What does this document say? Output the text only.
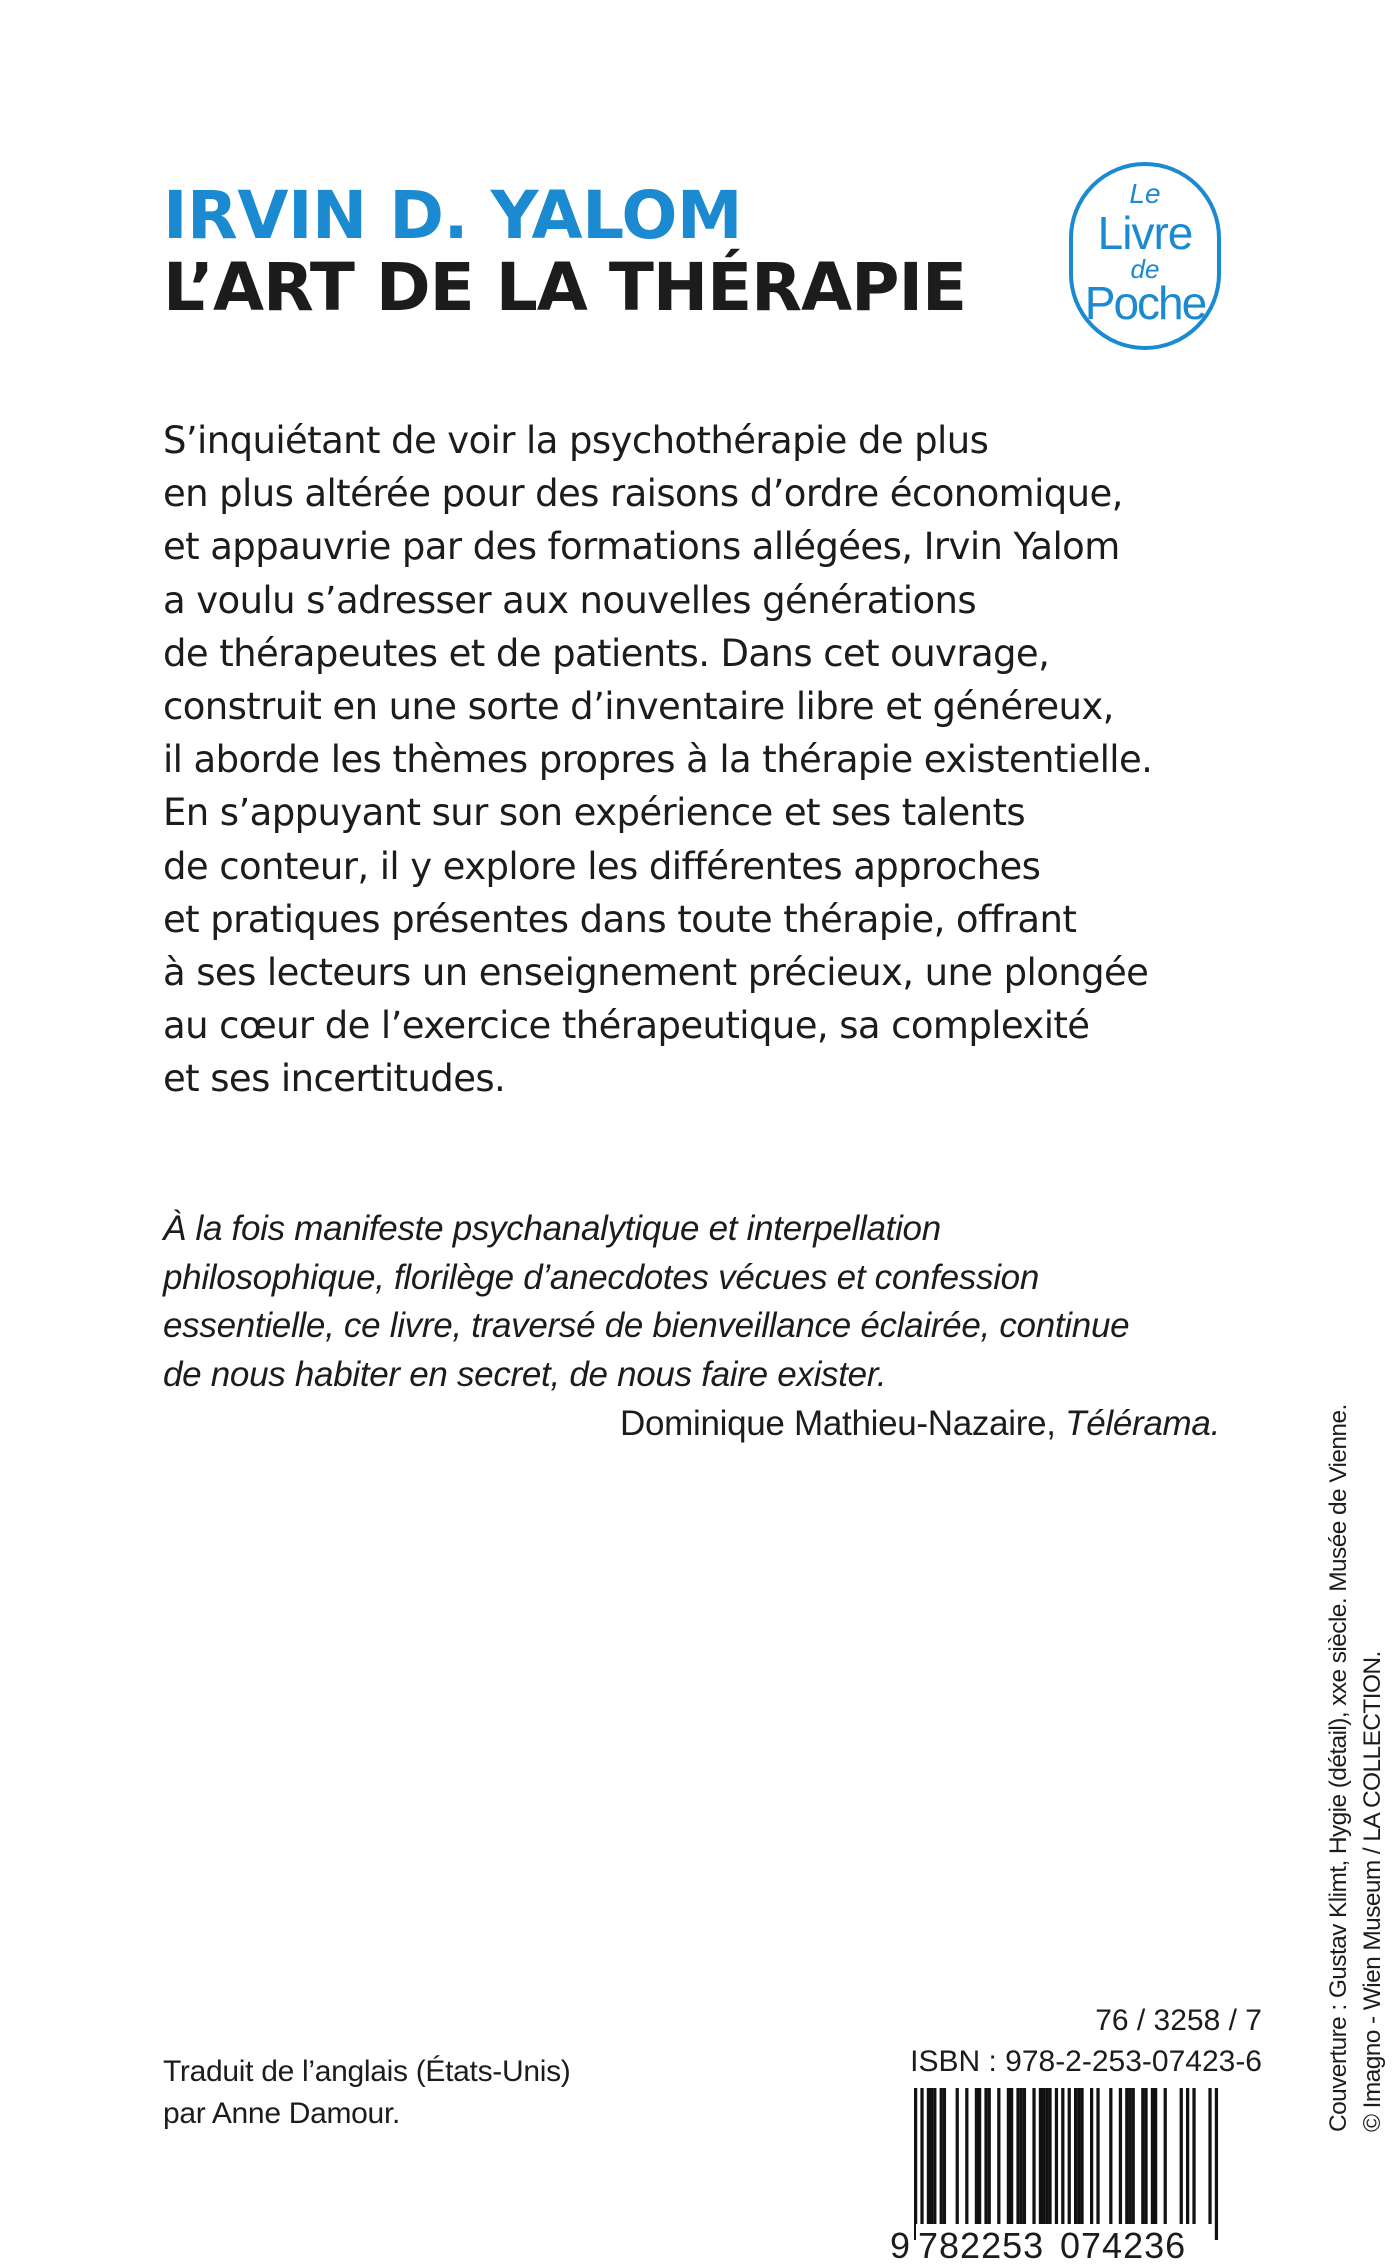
IRVIN D. YALOM
L’ART DE LA THÉRAPIE
Le
Livre
de
Poche

S’inquiétant de voir la psychothérapie de plus
en plus altérée pour des raisons d’ordre économique,
et appauvrie par des formations allégées, Irvin Yalom
a voulu s’adresser aux nouvelles générations
de thérapeutes et de patients. Dans cet ouvrage,
construit en une sorte d’inventaire libre et généreux,
il aborde les thèmes propres à la thérapie existentielle.
En s’appuyant sur son expérience et ses talents
de conteur, il y explore les différentes approches
et pratiques présentes dans toute thérapie, offrant
à ses lecteurs un enseignement précieux, une plongée
au cœur de l’exercice thérapeutique, sa complexité
et ses incertitudes.

À la fois manifeste psychanalytique et interpellation
philosophique, florilège d’anecdotes vécues et confession
essentielle, ce livre, traversé de bienveillance éclairée, continue
de nous habiter en secret, de nous faire exister.

Dominique Mathieu-Nazaire, Télérama.	Couverture : Gustav Klimt, Hygie (détail), xxe siècle. Musée de Vienne. © Imagno - Wien Museum / LA COLLECTION.

Traduit de l’anglais (États-Unis)
par Anne Damour.

76 / 3258 / 7

ISBN : 978-2-253-07423-6

9 782253 074236
